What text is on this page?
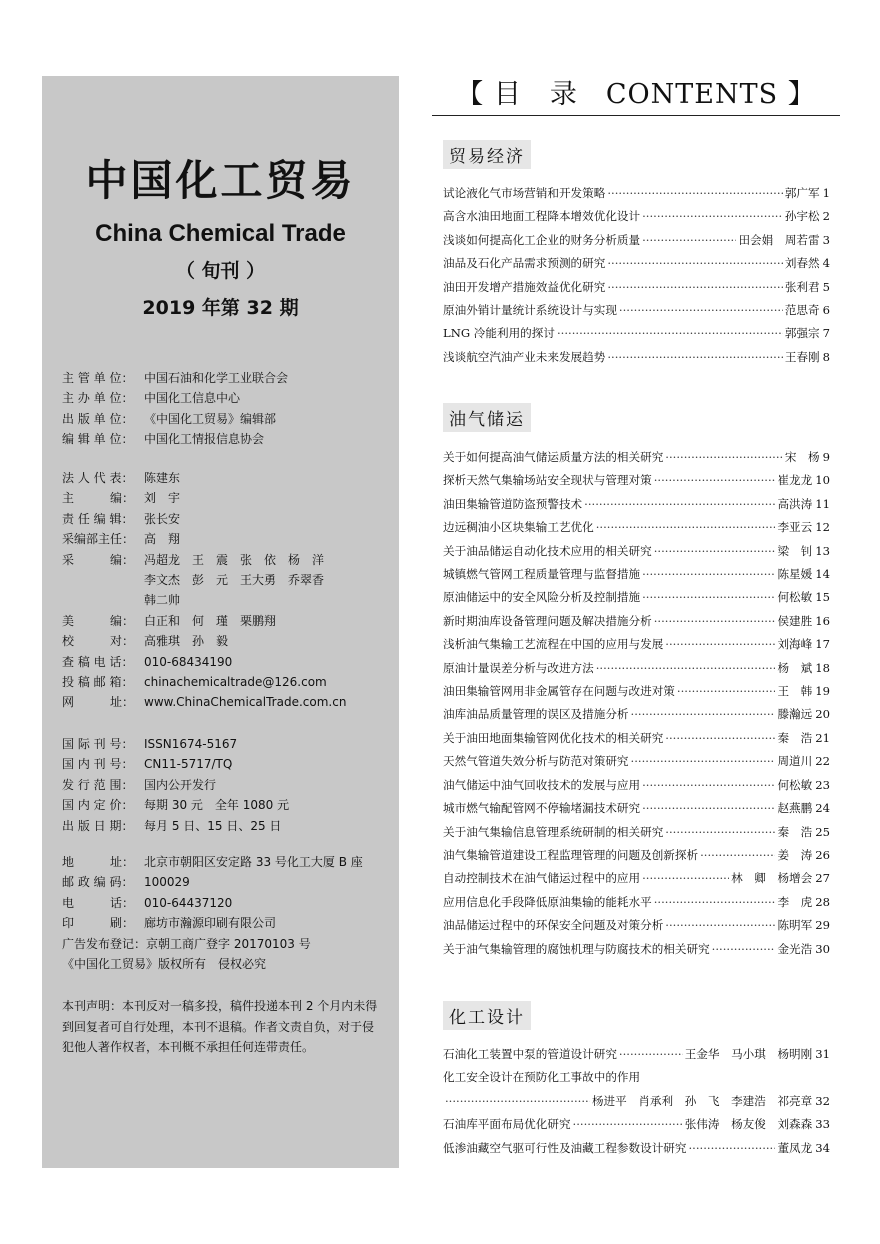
中国化工贸易
China Chemical Trade
（ 旬刊 ）
2019 年第 32 期
主 管 单 位： 中国石油和化学工业联合会
主 办 单 位： 中国化工信息中心
出 版 单 位： 《中国化工贸易》编辑部
编 辑 单 位： 中国化工情报信息协会
法 人 代 表： 陈建东
主　　　编： 刘　宇
责 任 编 辑： 张长安
采编部主任： 高　翔
采　　　编： 冯超龙　王　震　张　依　杨　洋
李文杰　彭　元　王大勇　乔翠香
韩二帅
美　　　编： 白正和　何　瑾　栗鹏翔
校　　　对： 高雅琪　孙　毅
查 稿 电 话： 010-68434190
投 稿 邮 箱： chinachemicaltrade@126.com
网　　　址： www.ChinaChemicalTrade.com.cn
国 际 刊 号： ISSN1674-5167
国 内 刊 号： CN11-5717/TQ
发 行 范 围： 国内公开发行
国 内 定 价： 每期 30 元　全年 1080 元
出 版 日 期： 每月 5 日、15 日、25 日
地　　　址： 北京市朝阳区安定路 33 号化工大厦 B 座
邮 政 编 码： 100029
电　　　话： 010-64437120
印　　　刷： 廊坊市瀚源印刷有限公司
广告发布登记：京朝工商广登字 20170103 号
《中国化工贸易》版权所有　侵权必究
本刊声明：本刊反对一稿多投，稿件投递本刊 2 个月内未得到回复者可自行处理，本刊不退稿。作者文责自负，对于侵犯他人著作权者，本刊概不承担任何连带责任。
【 目　录　CONTENTS 】
贸易经济
试论液化气市场营销和开发策略 ·····	郭广军 1
高含水油田地面工程降本增效优化设计 ·····	孙宇松 2
浅谈如何提高化工企业的财务分析质量 ·····	田会娟　周若雷 3
油品及石化产品需求预测的研究 ·····	刘春然 4
油田开发增产措施效益优化研究 ·····	张利君 5
原油外销计量统计系统设计与实现 ·····	范思奇 6
LNG 冷能利用的探讨 ·····	郭强宗 7
浅谈航空汽油产业未来发展趋势 ·····	王春刚 8
油气储运
关于如何提高油气储运质量方法的相关研究 ·····	宋　杨 9
探析天然气集输场站安全现状与管理对策 ·····	崔龙龙 10
油田集输管道防盗预警技术 ·····	高洪涛 11
边远稠油小区块集输工艺优化 ·····	李亚云 12
关于油品储运自动化技术应用的相关研究 ·····	梁　钊 13
城镇燃气管网工程质量管理与监督措施 ·····	陈星媛 14
原油储运中的安全风险分析及控制措施 ·····	何松敏 15
新时期油库设备管理问题及解决措施分析 ·····	侯建胜 16
浅析油气集输工艺流程在中国的应用与发展 ·····	刘海峰 17
原油计量误差分析与改进方法 ·····	杨　斌 18
油田集输管网用非金属管存在问题与改进对策 ·····	王　韩 19
油库油品质量管理的误区及措施分析 ·····	滕瀚远 20
关于油田地面集输管网优化技术的相关研究 ·····	秦　浩 21
天然气管道失效分析与防范对策研究 ·····	周道川 22
油气储运中油气回收技术的发展与应用 ·····	何松敏 23
城市燃气输配管网不停输堵漏技术研究 ·····	赵燕鹏 24
关于油气集输信息管理系统研制的相关研究 ·····	秦　浩 25
油气集输管道建设工程监理管理的问题及创新探析 ·····	姜　涛 26
自动控制技术在油气储运过程中的应用 ·····	林　卿　杨增会 27
应用信息化手段降低原油集输的能耗水平 ·····	李　虎 28
油品储运过程中的环保安全问题及对策分析 ·····	陈明军 29
关于油气集输管理的腐蚀机理与防腐技术的相关研究 ·····	金光浩 30
化工设计
石油化工装置中泵的管道设计研究 ·····	王金华　马小琪　杨明刚 31
化工安全设计在预防化工事故中的作用
·····
杨进平　肖承利　孙　飞　李建浩　祁亮章 32
石油库平面布局优化研究 ·····	张伟涛　杨友俊　刘森森 33
低渗油藏空气驱可行性及油藏工程参数设计研究 ·····	董凤龙 34
